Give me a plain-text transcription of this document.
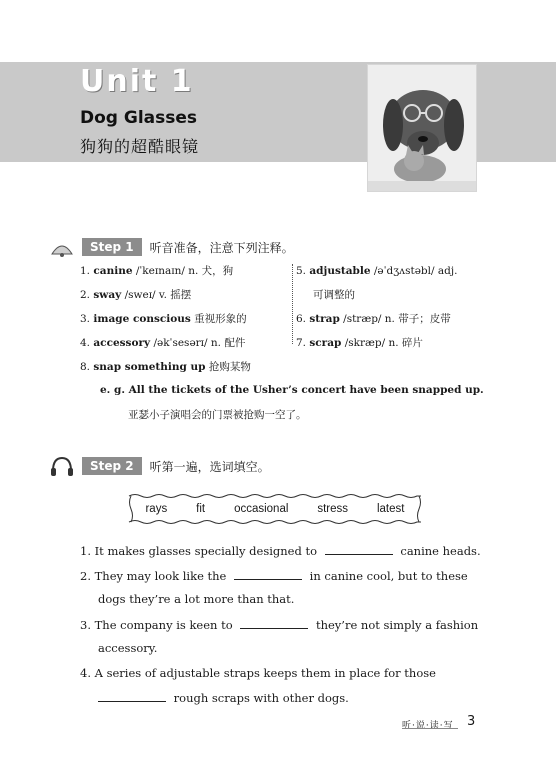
Unit 1
Dog Glasses
狗狗的超酷眼镜
Step 1	听音准备，注意下列注释。
1. canine /ˈkeɪnaɪn/ n. 犬，狗
2. sway /sweɪ/ v. 摇摆
3. image conscious 重视形象的
4. accessory /əkˈsesərɪ/ n. 配件
5. adjustable /əˈdʒʌstəbl/ adj.
可调整的
6. strap /stræp/ n. 带子；皮带
7. scrap /skræp/ n. 碎片
8. snap something up 抢购某物
e. g. All the tickets of the Usher’s concert have been snapped up.
亚瑟小子演唱会的门票被抢购一空了。
Step 2	听第一遍，选词填空。
rays	fit	occasional	stress	latest
1. It makes glasses specially designed to	canine heads.
2. They may look like the	in canine cool, but to these
dogs they’re a lot more than that.
3. The company is keen to	they’re not simply a fashion
accessory.
4. A series of adjustable straps keeps them in place for those
rough scraps with other dogs.
听·说·读·写 3
